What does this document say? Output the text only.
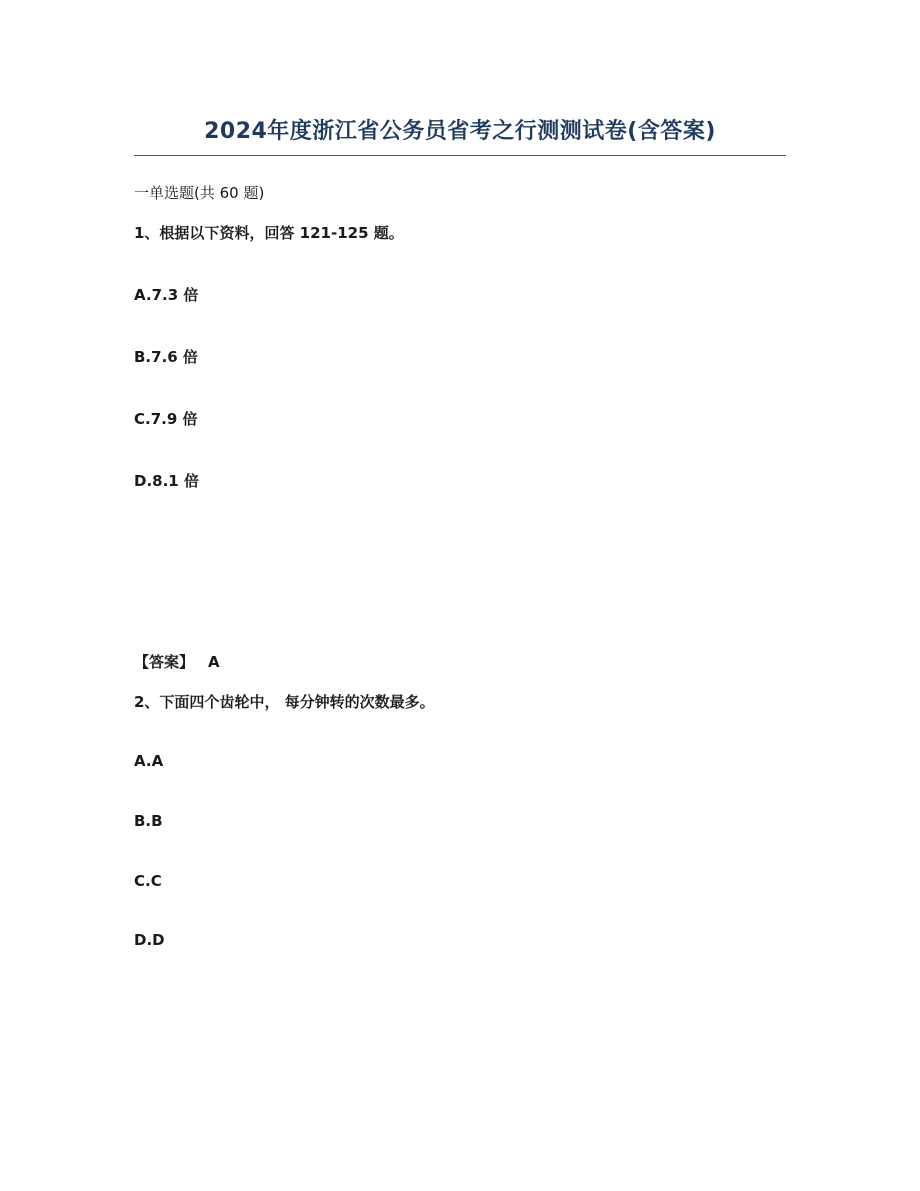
2024年度浙江省公务员省考之行测测试卷(含答案)
一单选题(共 60 题)
1、根据以下资料，回答 121-125 题。
A.7.3 倍
B.7.6 倍
C.7.9 倍
D.8.1 倍
【答案】 A
2、下面四个齿轮中， 每分钟转的次数最多。
A.A
B.B
C.C
D.D
